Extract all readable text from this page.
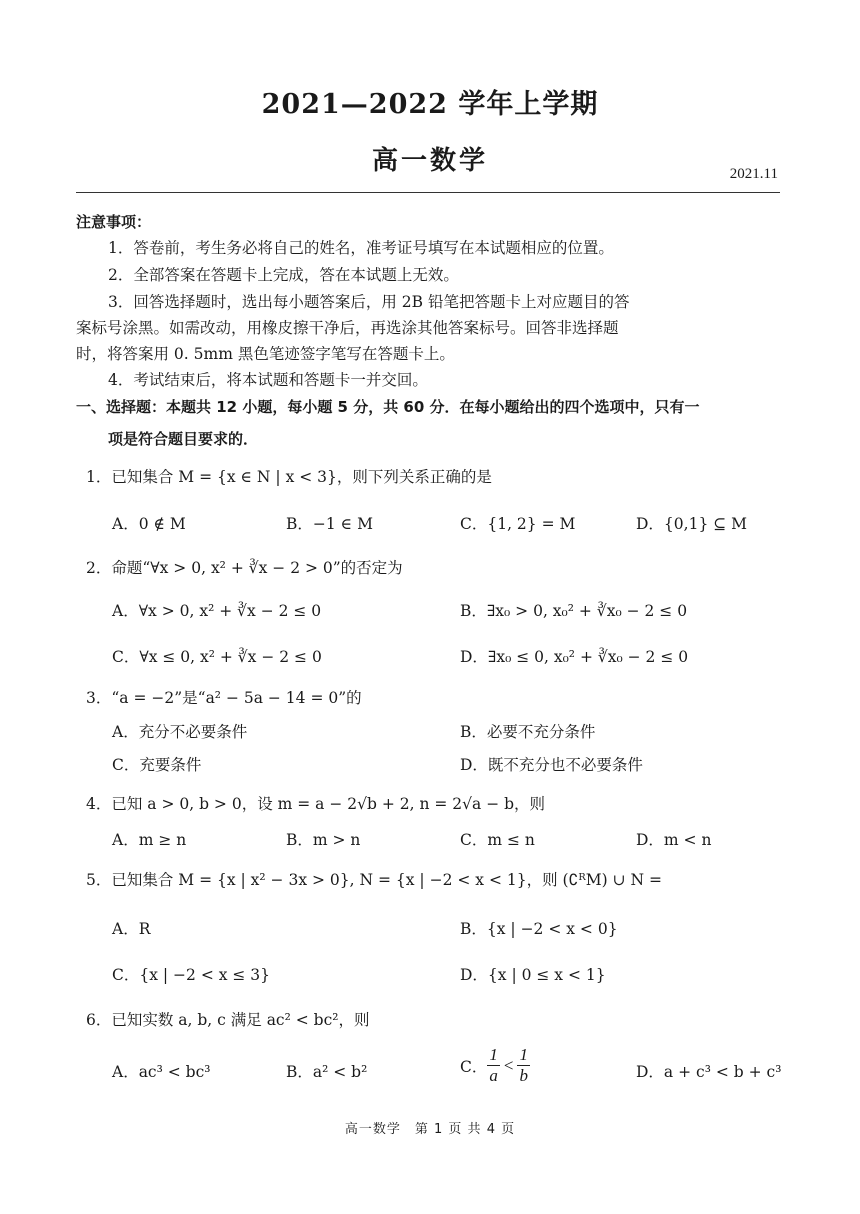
2021—2022 学年上学期
高一数学	2021.11
注意事项：
1．答卷前，考生务必将自己的姓名，准考证号填写在本试题相应的位置。
2．全部答案在答题卡上完成，答在本试题上无效。
3．回答选择题时，选出每小题答案后，用 2B 铅笔把答题卡上对应题目的答
案标号涂黑。如需改动，用橡皮擦干净后，再选涂其他答案标号。回答非选择题
时，将答案用 0. 5mm 黑色笔迹签字笔写在答题卡上。
4．考试结束后，将本试题和答题卡一并交回。
一、选择题：本题共 12 小题，每小题 5 分，共 60 分．在每小题给出的四个选项中，只有一
项是符合题目要求的．
1．已知集合 M = {x ∈ N | x < 3}，则下列关系正确的是
A．0 ∉ M	B．−1 ∈ M	C．{1, 2} = M	D．{0,1} ⊆ M
2．命题“∀x > 0, x² + ∛x − 2 > 0”的否定为
A．∀x > 0, x² + ∛x − 2 ≤ 0	B．∃x₀ > 0, x₀² + ∛x₀ − 2 ≤ 0
C．∀x ≤ 0, x² + ∛x − 2 ≤ 0	D．∃x₀ ≤ 0, x₀² + ∛x₀ − 2 ≤ 0
3．“a = −2”是“a² − 5a − 14 = 0”的
A．充分不必要条件	B．必要不充分条件
C．充要条件	D．既不充分也不必要条件
4．已知 a > 0, b > 0，设 m = a − 2√b + 2, n = 2√a − b，则
A．m ≥ n	B．m > n	C．m ≤ n	D．m < n
5．已知集合 M = {x | x² − 3x > 0}, N = {x | −2 < x < 1}，则 (∁ᴿM) ∪ N =
A．R	B．{x | −2 < x < 0}
C．{x | −2 < x ≤ 3}	D．{x | 0 ≤ x < 1}
6．已知实数 a, b, c 满足 ac² < bc²，则
A．ac³ < bc³	B．a² < b²	C． $\frac{1}{a} < \frac{1}{b}$	D．a + c³ < b + c³
高一数学　第 1 页 共 4 页
